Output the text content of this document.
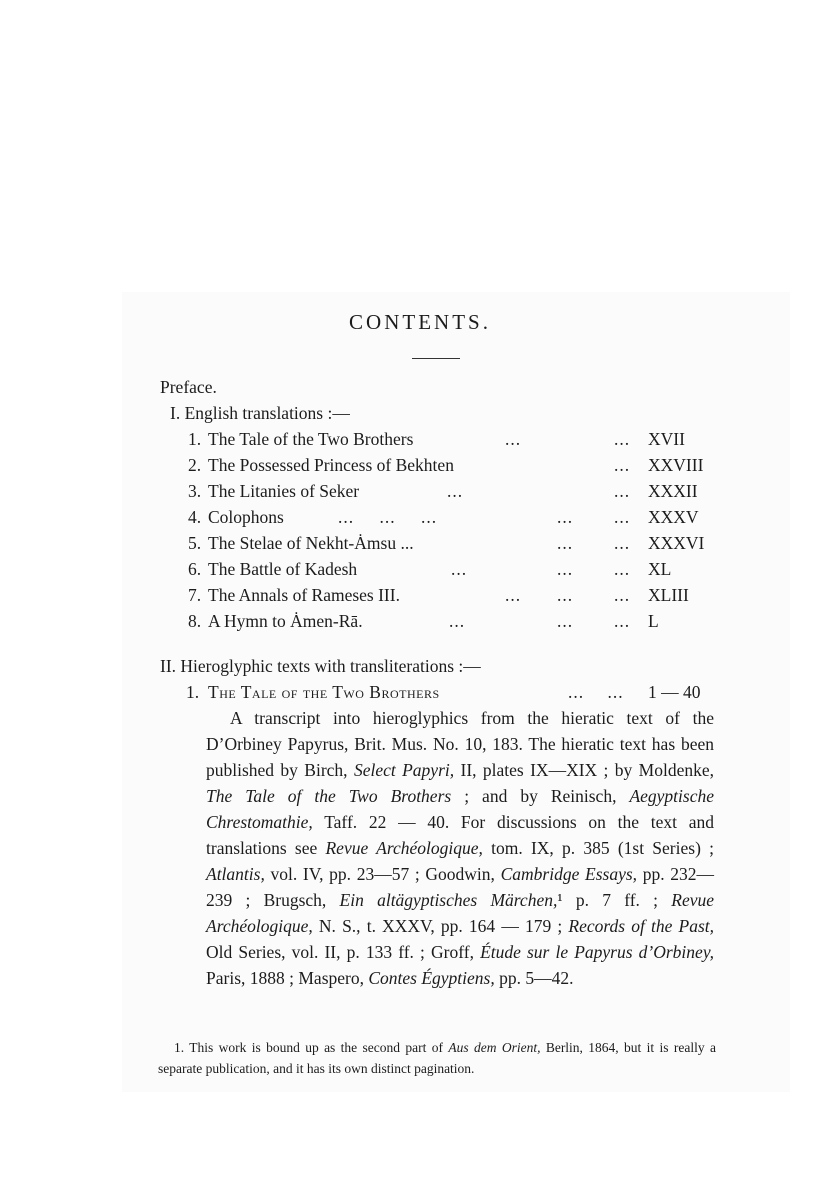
CONTENTS.
Preface.
I. English translations :—
1. The Tale of the Two Brothers	...	... XVII
2. The Possessed Princess of Bekhten	... XXVIII
3. The Litanies of Seker	...	... XXXII
4. Colophons	... ... ...	... ... XXXV
5. The Stelae of Nekht-Ȧmsu ...	... ... XXXVI
6. The Battle of Kadesh	...	... ... XL
7. The Annals of Rameses III.	... ... ... XLIII
8. A Hymn to Ȧmen-Rā.	...	... ... L
II. Hieroglyphic texts with transliterations :—
1. The Tale of the Two Brothers	... ... 1 — 40
A transcript into hieroglyphics from the hieratic text of the D’Orbiney Papyrus, Brit. Mus. No. 10, 183. The hieratic text has been published by Birch, Select Papyri, II, plates IX—XIX ; by Moldenke, The Tale of the Two Brothers ; and by Reinisch, Aegyptische Chrestomathie, Taff. 22 — 40. For discussions on the text and translations see Revue Archéologique, tom. IX, p. 385 (1st Series) ; Atlantis, vol. IV, pp. 23—57 ; Goodwin, Cambridge Essays, pp. 232—239 ; Brugsch, Ein altägyptisches Märchen,¹ p. 7 ff. ; Revue Archéologique, N. S., t. XXXV, pp. 164 — 179 ; Records of the Past, Old Series, vol. II, p. 133 ff. ; Groff, Étude sur le Papyrus d’Orbiney, Paris, 1888 ; Maspero, Contes Égyptiens, pp. 5—42.
1. This work is bound up as the second part of Aus dem Orient, Berlin, 1864, but it is really a separate publication, and it has its own distinct pagination.
